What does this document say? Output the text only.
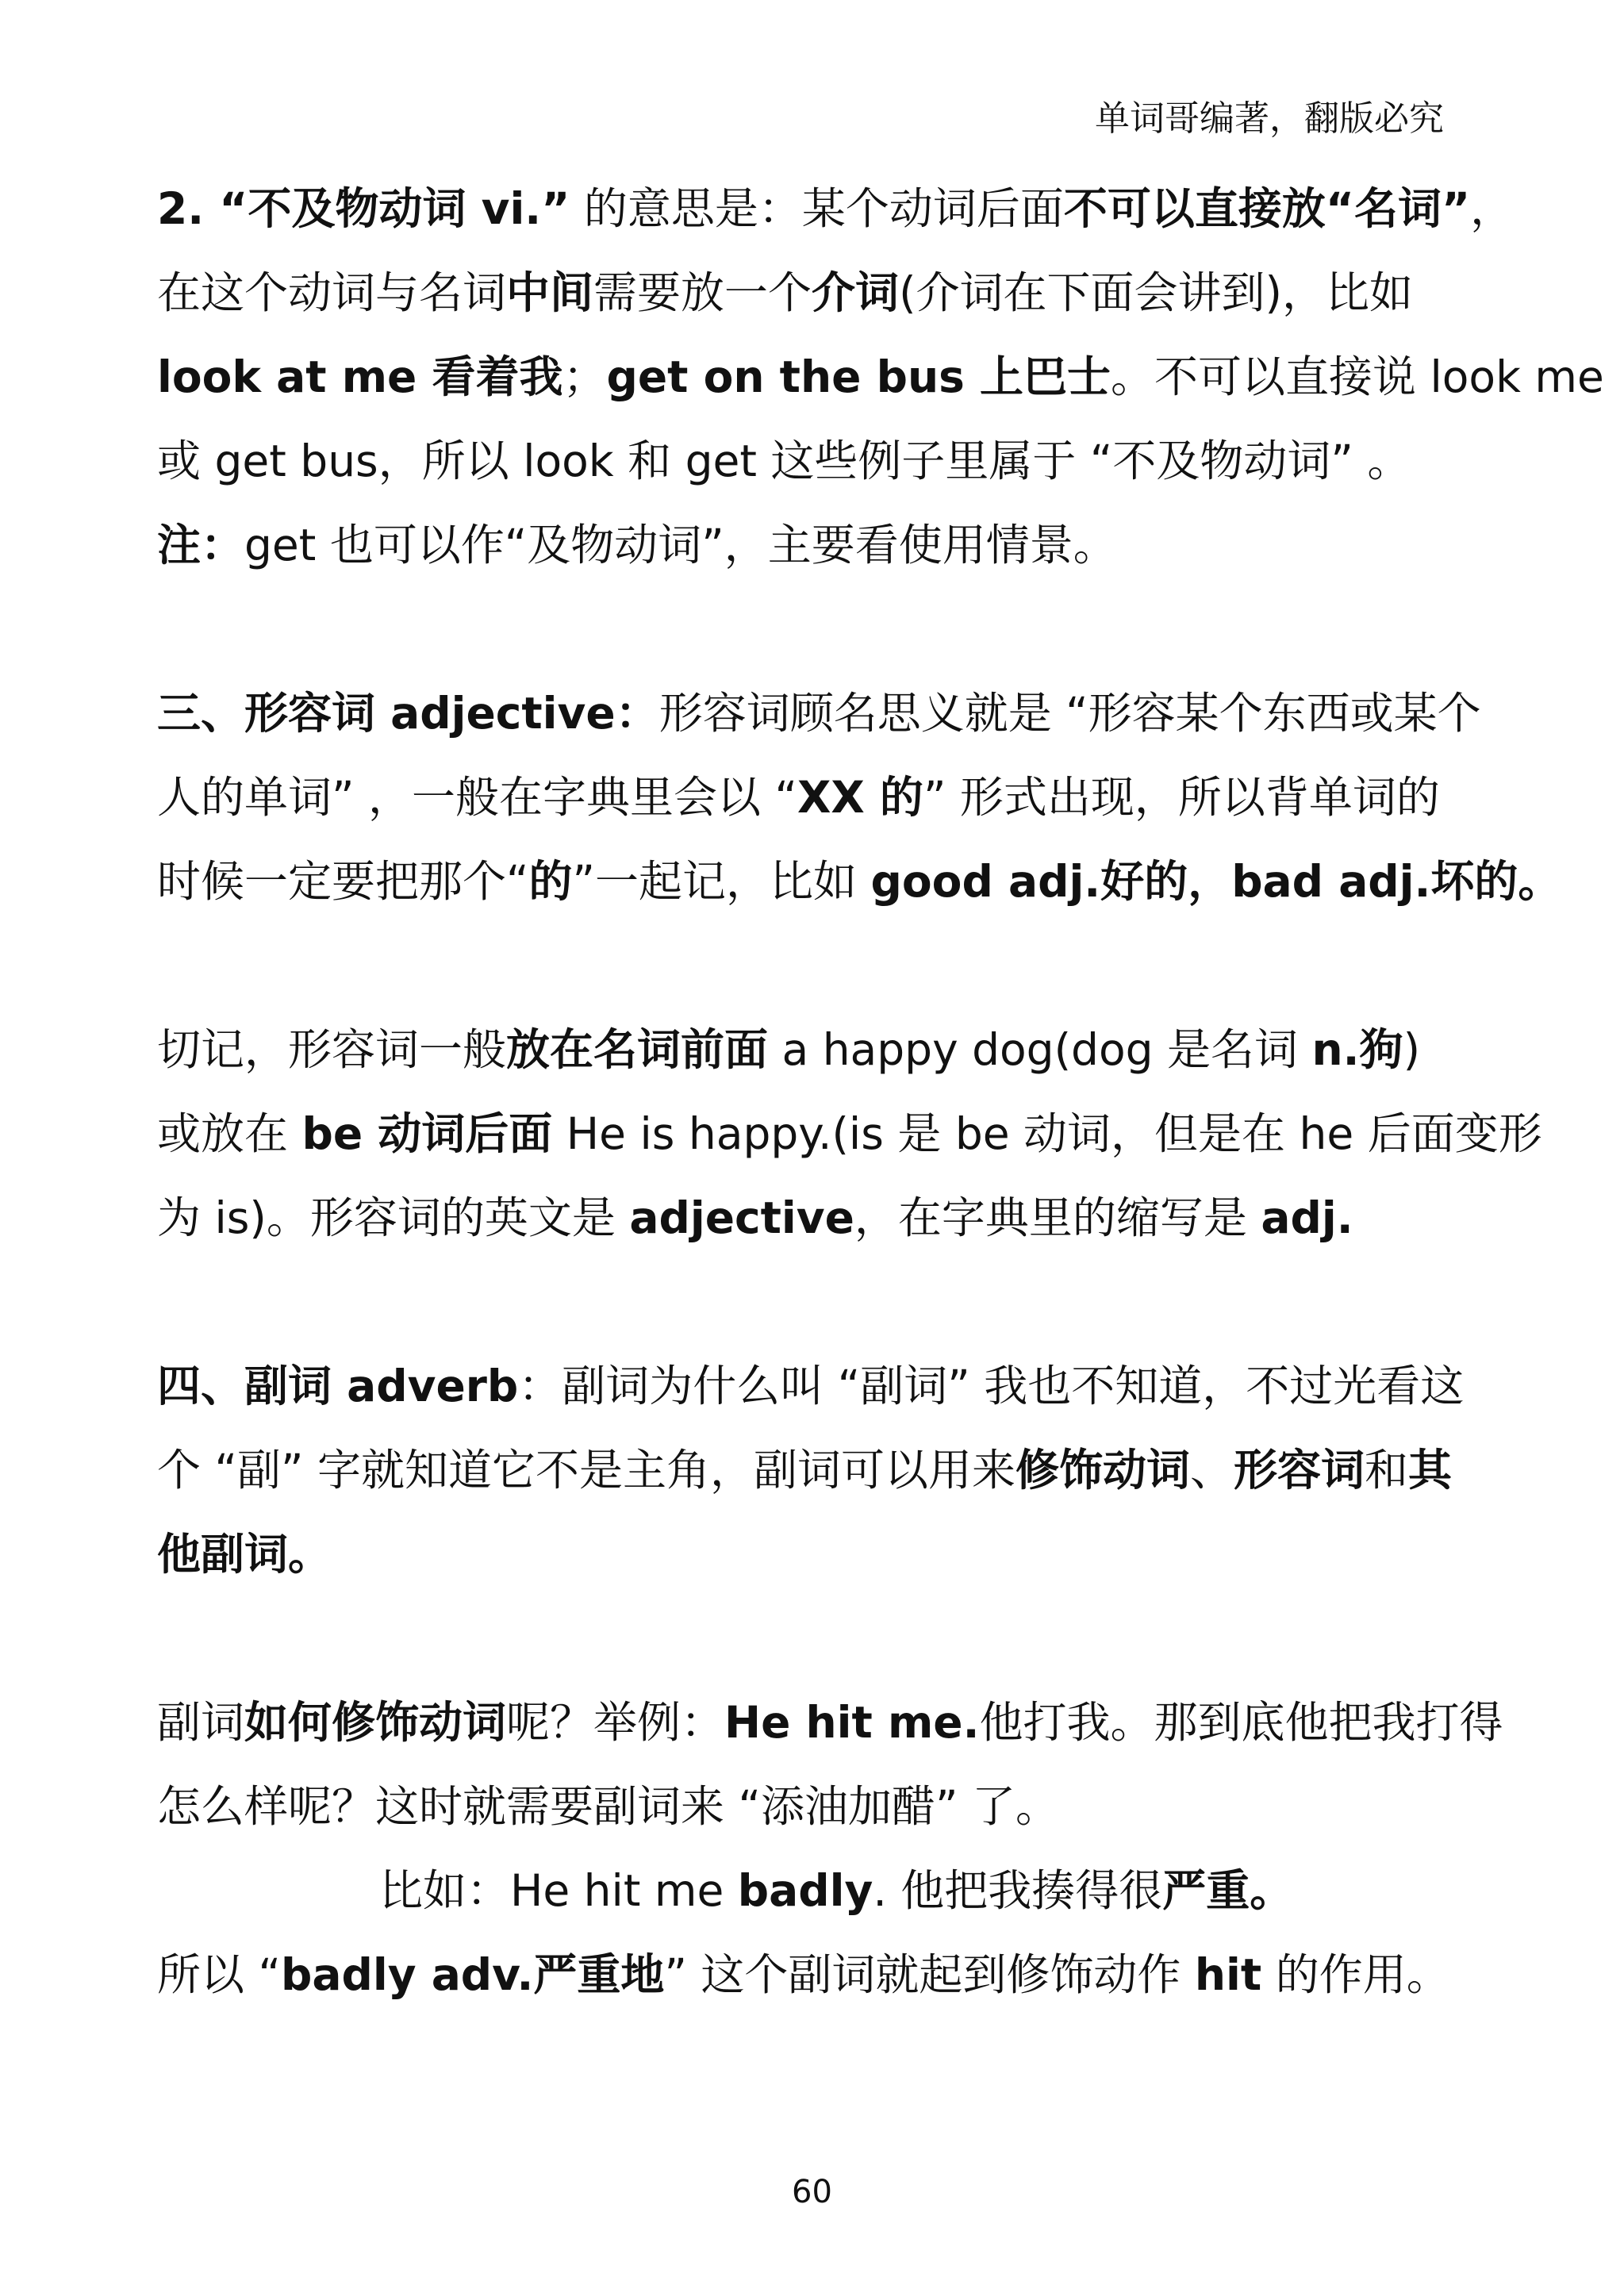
单词哥编著，翻版必究
2. “不及物动词 vi.” 的意思是：某个动词后面不可以直接放“名词”，
在这个动词与名词中间需要放一个介词(介词在下面会讲到)，比如
look at me 看着我；get on the bus 上巴士。不可以直接说 look me
或 get bus，所以 look 和 get 这些例子里属于 “不及物动词” 。
注：get 也可以作“及物动词”，主要看使用情景。
三、形容词 adjective：形容词顾名思义就是 “形容某个东西或某个
人的单词” ，一般在字典里会以 “XX 的” 形式出现，所以背单词的
时候一定要把那个“的”一起记，比如 good adj.好的，bad adj.坏的。
切记，形容词一般放在名词前面 a happy dog(dog 是名词 n.狗)
或放在 be 动词后面 He is happy.(is 是 be 动词，但是在 he 后面变形
为 is)。形容词的英文是 adjective，在字典里的缩写是 adj.
四、副词 adverb：副词为什么叫 “副词” 我也不知道，不过光看这
个 “副” 字就知道它不是主角，副词可以用来修饰动词、形容词和其
他副词。
副词如何修饰动词呢？举例：He hit me.他打我。那到底他把我打得
怎么样呢？这时就需要副词来 “添油加醋” 了。
比如：He hit me badly. 他把我揍得很严重。
所以 “badly adv.严重地” 这个副词就起到修饰动作 hit 的作用。
60
